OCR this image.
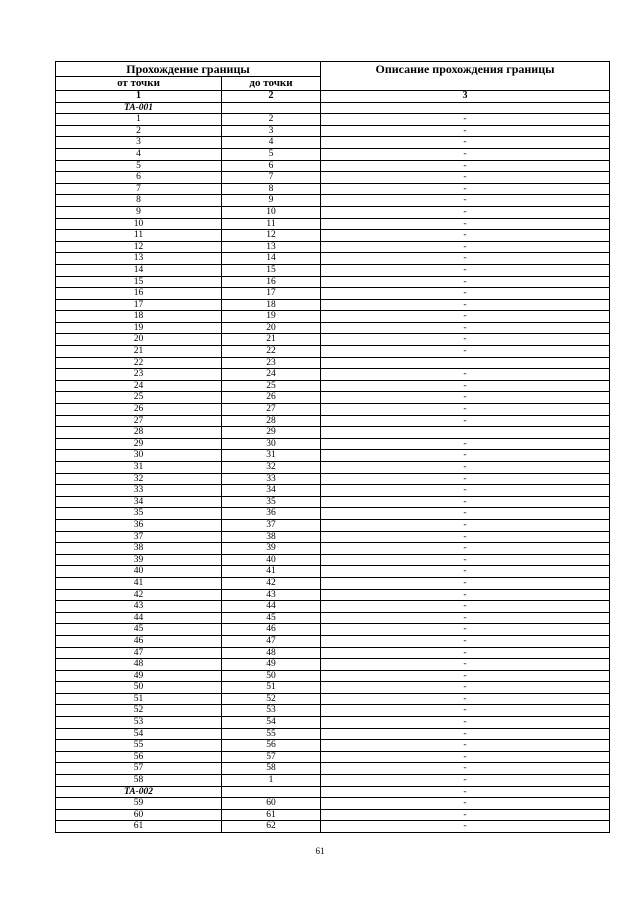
Прохождение границы		Описание прохождения границы
от точки	до точки	
1	2	3
ТА-001		
1	2	-
2	3	-
3	4	-
4	5	-
5	6	-
6	7	-
7	8	-
8	9	-
9	10	-
10	11	-
11	12	-
12	13	-
13	14	-
14	15	-
15	16	-
16	17	-
17	18	-
18	19	-
19	20	-
20	21	-
21	22	-
22	23	
23	24	-
24	25	-
25	26	-
26	27	-
27	28	-
28	29	
29	30	-
30	31	-
31	32	-
32	33	-
33	34	-
34	35	-
35	36	-
36	37	-
37	38	-
38	39	-
39	40	-
40	41	-
41	42	-
42	43	-
43	44	-
44	45	-
45	46	-
46	47	-
47	48	-
48	49	-
49	50	-
50	51	-
51	52	-
52	53	-
53	54	-
54	55	-
55	56	-
56	57	-
57	58	-
58	1	-
ТА-002		-
59	60	-
60	61	-
61	62	-
61
